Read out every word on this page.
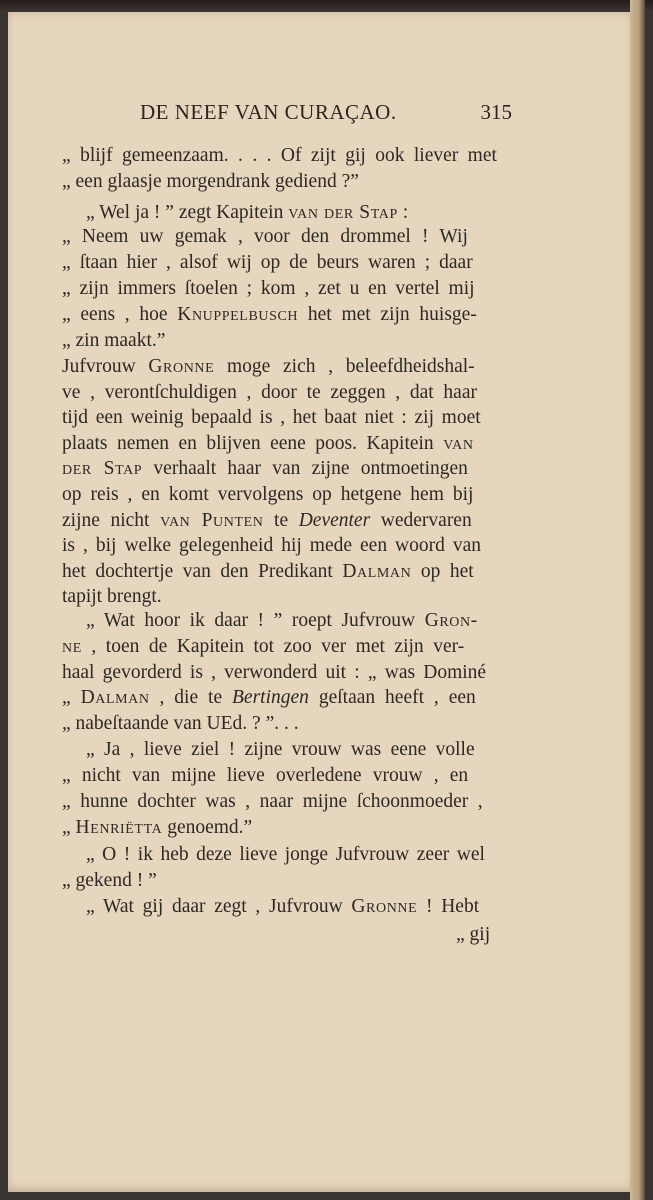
DE NEEF VAN CURAÇAO.	315
„ blijf gemeenzaam. . . . Of zijt gij ook liever met
„ een glaasje morgendrank gediend ?”
„ Wel ja ! ” zegt Kapitein van der Stap :
„ Neem uw gemak , voor den drommel ! Wij
„ ſtaan hier , alsof wij op de beurs waren ; daar
„ zijn immers ſtoelen ; kom , zet u en vertel mij
„ eens , hoe Knuppelbusch het met zijn huisge-
„ zin maakt.”
Jufvrouw Gronne moge zich , beleefdheidshal-
ve , verontſchuldigen , door te zeggen , dat haar
tijd een weinig bepaald is , het baat niet : zij moet
plaats nemen en blijven eene poos. Kapitein van
der Stap verhaalt haar van zijne ontmoetingen
op reis , en komt vervolgens op hetgene hem bij
zijne nicht van Punten te Deventer wedervaren
is , bij welke gelegenheid hij mede een woord van
het dochtertje van den Predikant Dalman op het
tapijt brengt.
„ Wat hoor ik daar ! ” roept Jufvrouw Gron-
ne , toen de Kapitein tot zoo ver met zijn ver-
haal gevorderd is , verwonderd uit : „ was Dominé
„ Dalman , die te Bertingen geſtaan heeft , een
„ nabeſtaande van UEd. ? ”. . .
„ Ja , lieve ziel ! zijne vrouw was eene volle
„ nicht van mijne lieve overledene vrouw , en
„ hunne dochter was , naar mijne ſchoonmoeder ,
„ Henriëtta genoemd.”
„ O ! ik heb deze lieve jonge Jufvrouw zeer wel
„ gekend ! ”
„ Wat gij daar zegt , Jufvrouw Gronne ! Hebt
„ gij
